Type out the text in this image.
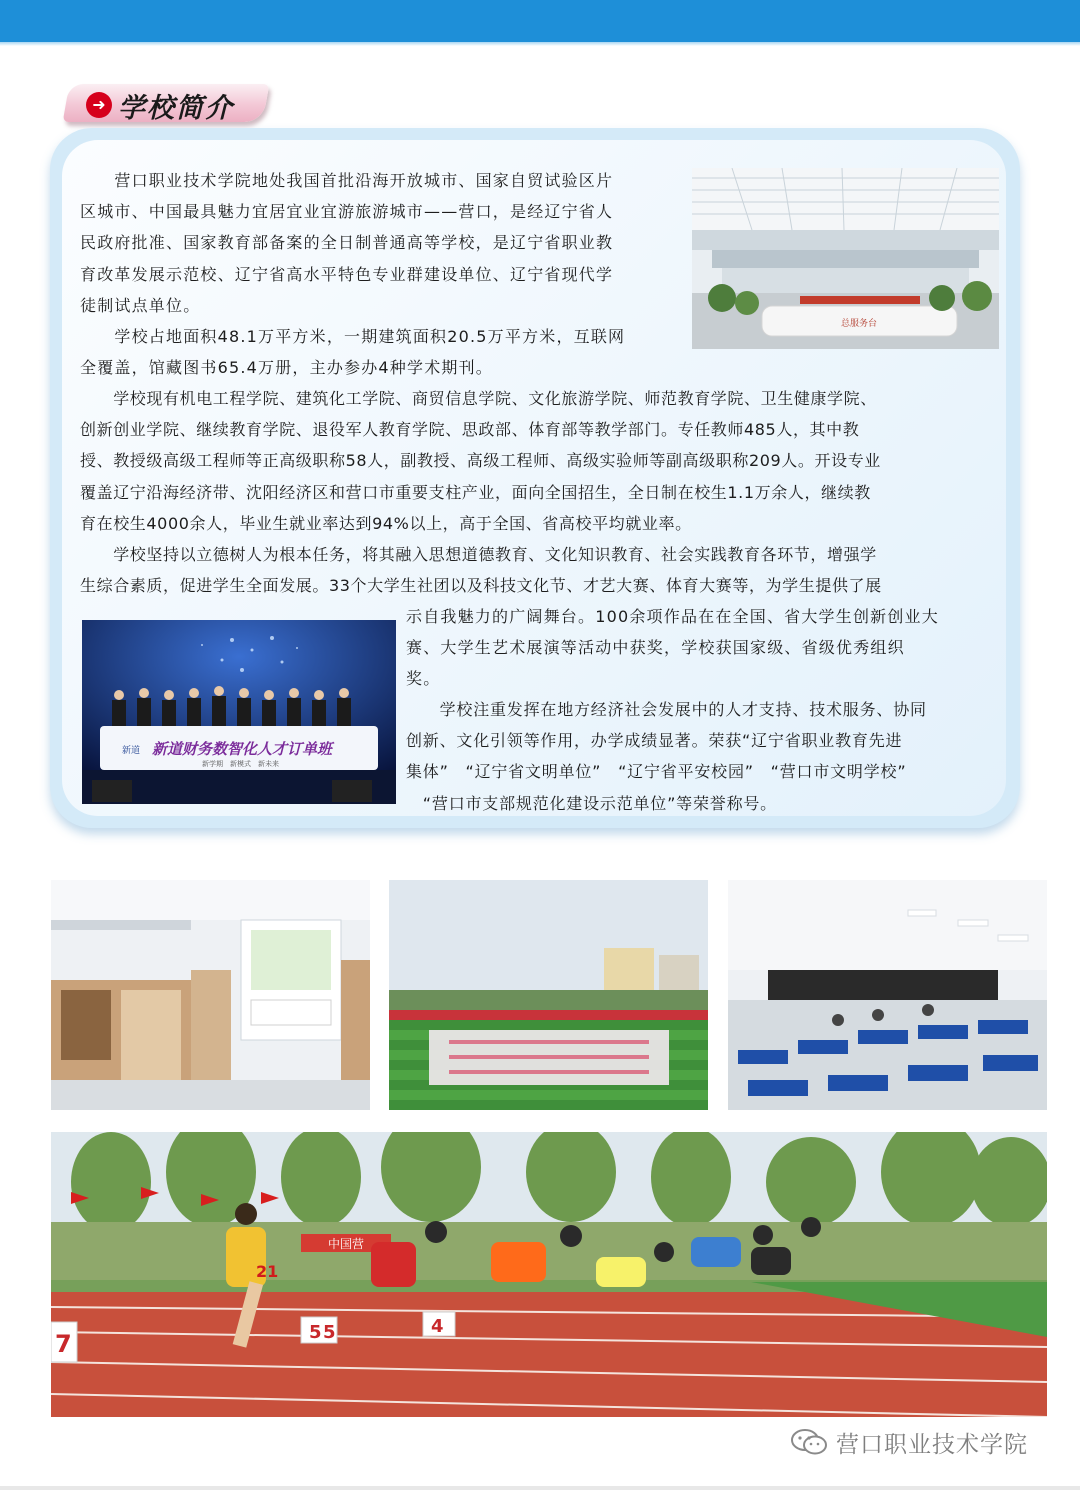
➜ 学校简介
　　营口职业技术学院地处我国首批沿海开放城市、国家自贸试验区片
区城市、中国最具魅力宜居宜业宜游旅游城市——营口，是经辽宁省人
民政府批准、国家教育部备案的全日制普通高等学校，是辽宁省职业教
育改革发展示范校、辽宁省高水平特色专业群建设单位、辽宁省现代学
徒制试点单位。
　　学校占地面积48.1万平方米，一期建筑面积20.5万平方米，互联网
全覆盖，馆藏图书65.4万册，主办参办4种学术期刊。
　　学校现有机电工程学院、建筑化工学院、商贸信息学院、文化旅游学院、师范教育学院、卫生健康学院、
创新创业学院、继续教育学院、退役军人教育学院、思政部、体育部等教学部门。专任教师485人，其中教
授、教授级高级工程师等正高级职称58人，副教授、高级工程师、高级实验师等副高级职称209人。开设专业
覆盖辽宁沿海经济带、沈阳经济区和营口市重要支柱产业，面向全国招生，全日制在校生1.1万余人，继续教
育在校生4000余人，毕业生就业率达到94%以上，高于全国、省高校平均就业率。
　　学校坚持以立德树人为根本任务，将其融入思想道德教育、文化知识教育、社会实践教育各环节，增强学
生综合素质，促进学生全面发展。33个大学生社团以及科技文化节、才艺大赛、体育大赛等，为学生提供了展
示自我魅力的广阔舞台。100余项作品在在全国、省大学生创新创业大
赛、大学生艺术展演等活动中获奖，学校获国家级、省级优秀组织
奖。
　　学校注重发挥在地方经济社会发展中的人才支持、技术服务、协同
创新、文化引领等作用，办学成绩显著。荣获“辽宁省职业教育先进
集体”　“辽宁省文明单位”　“辽宁省平安校园”　“营口市文明学校”
　“营口市支部规范化建设示范单位”等荣誉称号。
总服务台
新道 新道财务数智化人才订单班
新学期　新模式　新未来
中国营
21
5 5	4
7
营口职业技术学院
